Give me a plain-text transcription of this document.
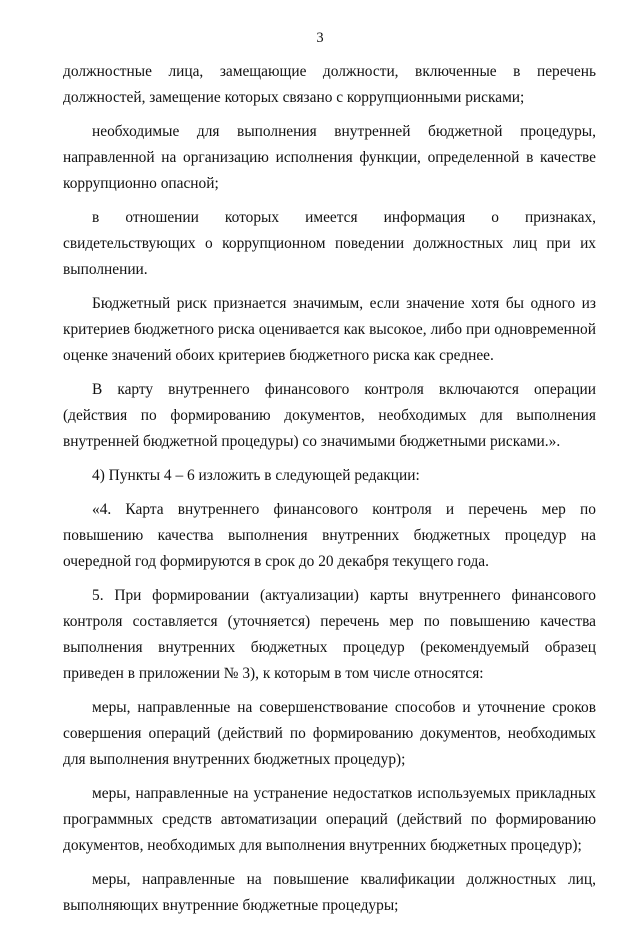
3

должностные лица, замещающие должности, включенные в перечень должностей, замещение которых связано с коррупционными рисками;

необходимые для выполнения внутренней бюджетной процедуры, направленной на организацию исполнения функции, определенной в качестве коррупционно опасной;

в отношении которых имеется информация о признаках, свидетельствующих о коррупционном поведении должностных лиц при их выполнении.

Бюджетный риск признается значимым, если значение хотя бы одного из критериев бюджетного риска оценивается как высокое, либо при одновременной оценке значений обоих критериев бюджетного риска как среднее.

В карту внутреннего финансового контроля включаются операции (действия по формированию документов, необходимых для выполнения внутренней бюджетной процедуры) со значимыми бюджетными рисками.».

4) Пункты 4 – 6 изложить в следующей редакции:

«4. Карта внутреннего финансового контроля и перечень мер по повышению качества выполнения внутренних бюджетных процедур на очередной год формируются в срок до 20 декабря текущего года.

5. При формировании (актуализации) карты внутреннего финансового контроля составляется (уточняется) перечень мер по повышению качества выполнения внутренних бюджетных процедур (рекомендуемый образец приведен в приложении № 3), к которым в том числе относятся:

меры, направленные на совершенствование способов и уточнение сроков совершения операций (действий по формированию документов, необходимых для выполнения внутренних бюджетных процедур);

меры, направленные на устранение недостатков используемых прикладных программных средств автоматизации операций (действий по формированию документов, необходимых для выполнения внутренних бюджетных процедур);

меры, направленные на повышение квалификации должностных лиц, выполняющих внутренние бюджетные процедуры;
